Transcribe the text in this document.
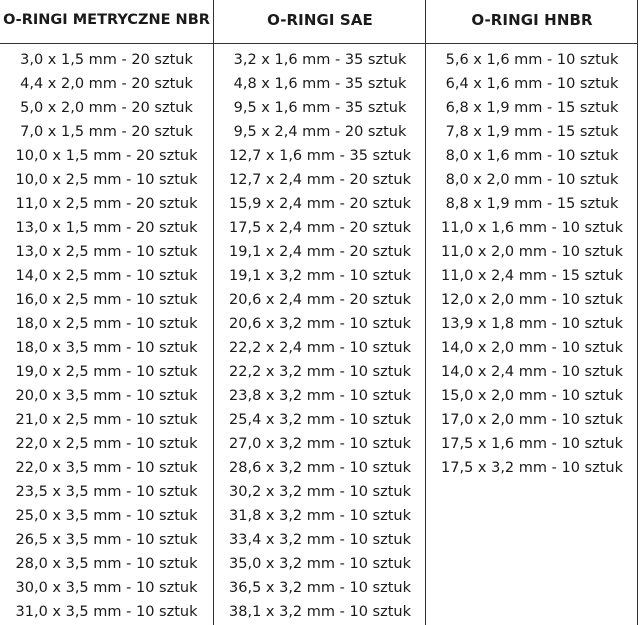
O-RINGI METRYCZNE NBR
3,0 x 1,5 mm - 20 sztuk
4,4 x 2,0 mm - 20 sztuk
5,0 x 2,0 mm - 20 sztuk
7,0 x 1,5 mm - 20 sztuk
10,0 x 1,5 mm - 20 sztuk
10,0 x 2,5 mm - 10 sztuk
11,0 x 2,5 mm - 20 sztuk
13,0 x 1,5 mm - 20 sztuk
13,0 x 2,5 mm - 10 sztuk
14,0 x 2,5 mm - 10 sztuk
16,0 x 2,5 mm - 10 sztuk
18,0 x 2,5 mm - 10 sztuk
18,0 x 3,5 mm - 10 sztuk
19,0 x 2,5 mm - 10 sztuk
20,0 x 3,5 mm - 10 sztuk
21,0 x 2,5 mm - 10 sztuk
22,0 x 2,5 mm - 10 sztuk
22,0 x 3,5 mm - 10 sztuk
23,5 x 3,5 mm - 10 sztuk
25,0 x 3,5 mm - 10 sztuk
26,5 x 3,5 mm - 10 sztuk
28,0 x 3,5 mm - 10 sztuk
30,0 x 3,5 mm - 10 sztuk
31,0 x 3,5 mm - 10 sztuk
O-RINGI SAE
3,2 x 1,6 mm - 35 sztuk
4,8 x 1,6 mm - 35 sztuk
9,5 x 1,6 mm - 35 sztuk
9,5 x 2,4 mm - 20 sztuk
12,7 x 1,6 mm - 35 sztuk
12,7 x 2,4 mm - 20 sztuk
15,9 x 2,4 mm - 20 sztuk
17,5 x 2,4 mm - 20 sztuk
19,1 x 2,4 mm - 20 sztuk
19,1 x 3,2 mm - 10 sztuk
20,6 x 2,4 mm - 20 sztuk
20,6 x 3,2 mm - 10 sztuk
22,2 x 2,4 mm - 10 sztuk
22,2 x 3,2 mm - 10 sztuk
23,8 x 3,2 mm - 10 sztuk
25,4 x 3,2 mm - 10 sztuk
27,0 x 3,2 mm - 10 sztuk
28,6 x 3,2 mm - 10 sztuk
30,2 x 3,2 mm - 10 sztuk
31,8 x 3,2 mm - 10 sztuk
33,4 x 3,2 mm - 10 sztuk
35,0 x 3,2 mm - 10 sztuk
36,5 x 3,2 mm - 10 sztuk
38,1 x 3,2 mm - 10 sztuk
O-RINGI HNBR
5,6 x 1,6 mm - 10 sztuk
6,4 x 1,6 mm - 10 sztuk
6,8 x 1,9 mm - 15 sztuk
7,8 x 1,9 mm - 15 sztuk
8,0 x 1,6 mm - 10 sztuk
8,0 x 2,0 mm - 10 sztuk
8,8 x 1,9 mm - 15 sztuk
11,0 x 1,6 mm - 10 sztuk
11,0 x 2,0 mm - 10 sztuk
11,0 x 2,4 mm - 15 sztuk
12,0 x 2,0 mm - 10 sztuk
13,9 x 1,8 mm - 10 sztuk
14,0 x 2,0 mm - 10 sztuk
14,0 x 2,4 mm - 10 sztuk
15,0 x 2,0 mm - 10 sztuk
17,0 x 2,0 mm - 10 sztuk
17,5 x 1,6 mm - 10 sztuk
17,5 x 3,2 mm - 10 sztuk
